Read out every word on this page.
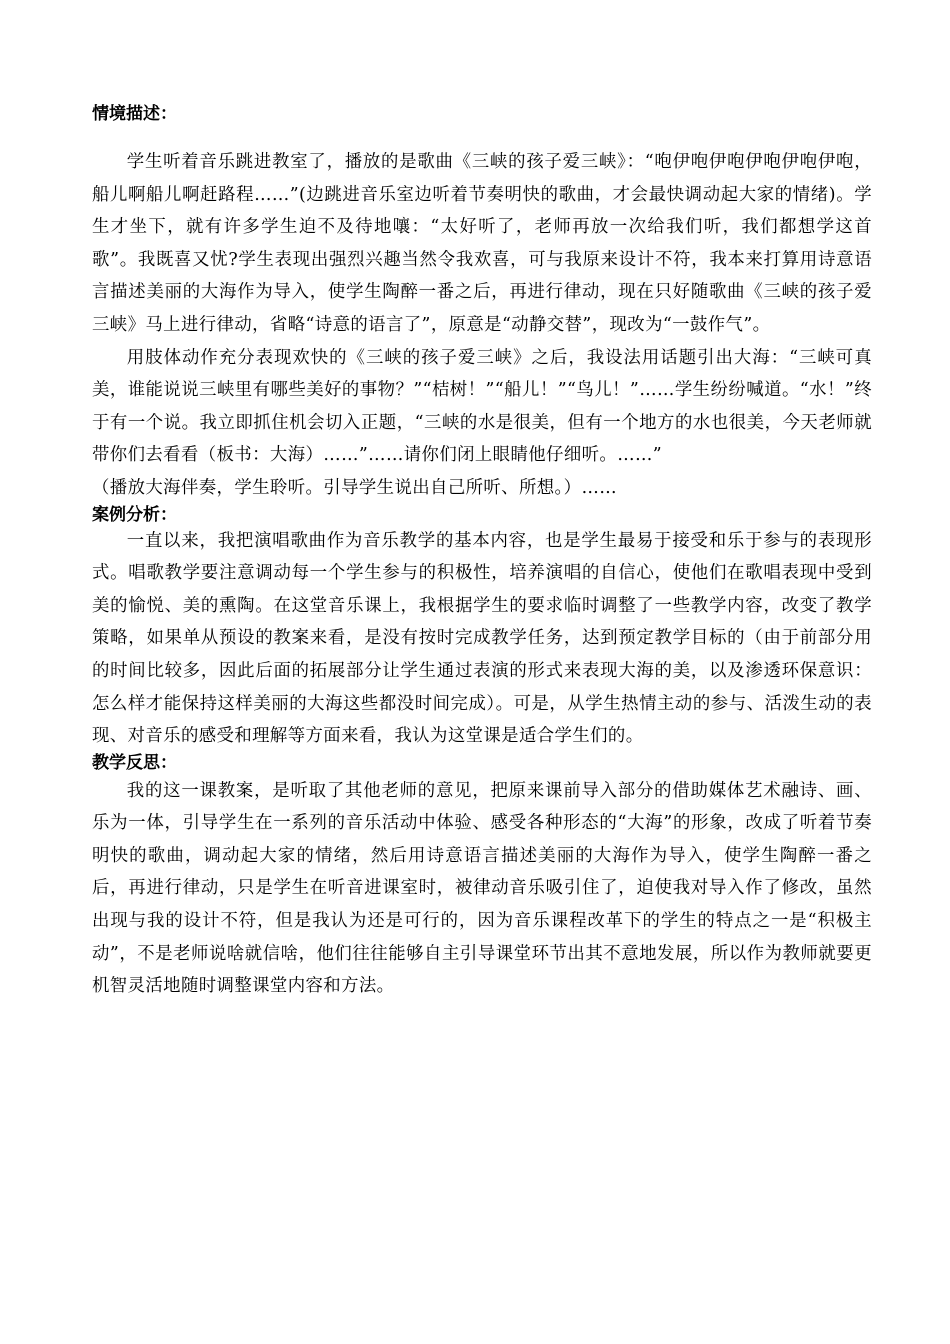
情境描述：

学生听着音乐跳进教室了，播放的是歌曲《三峡的孩子爱三峡》：“咆伊咆伊咆伊咆伊咆伊咆，船儿啊船儿啊赶路程……”(边跳进音乐室边听着节奏明快的歌曲，才会最快调动起大家的情绪)。学生才坐下，就有许多学生迫不及待地嚷：“太好听了，老师再放一次给我们听，我们都想学这首歌”。我既喜又忧?学生表现出强烈兴趣当然令我欢喜，可与我原来设计不符，我本来打算用诗意语言描述美丽的大海作为导入，使学生陶醉一番之后，再进行律动，现在只好随歌曲《三峡的孩子爱三峡》马上进行律动，省略“诗意的语言了”，原意是“动静交替”，现改为“一鼓作气”。

用肢体动作充分表现欢快的《三峡的孩子爱三峡》之后，我设法用话题引出大海：“三峡可真美，谁能说说三峡里有哪些美好的事物？”“桔树！”“船儿！”“鸟儿！”……学生纷纷喊道。“水！”终于有一个说。我立即抓住机会切入正题，“三峡的水是很美，但有一个地方的水也很美，今天老师就带你们去看看（板书：大海）……”……请你们闭上眼睛他仔细听。……”

（播放大海伴奏，学生聆听。引导学生说出自己所听、所想。）……

案例分析：

一直以来，我把演唱歌曲作为音乐教学的基本内容，也是学生最易于接受和乐于参与的表现形式。唱歌教学要注意调动每一个学生参与的积极性，培养演唱的自信心，使他们在歌唱表现中受到美的愉悦、美的熏陶。在这堂音乐课上，我根据学生的要求临时调整了一些教学内容，改变了教学策略，如果单从预设的教案来看，是没有按时完成教学任务，达到预定教学目标的（由于前部分用的时间比较多，因此后面的拓展部分让学生通过表演的形式来表现大海的美，以及渗透环保意识：怎么样才能保持这样美丽的大海这些都没时间完成）。可是，从学生热情主动的参与、活泼生动的表现、对音乐的感受和理解等方面来看，我认为这堂课是适合学生们的。

教学反思：

我的这一课教案，是听取了其他老师的意见，把原来课前导入部分的借助媒体艺术融诗、画、乐为一体，引导学生在一系列的音乐活动中体验、感受各种形态的“大海”的形象，改成了听着节奏明快的歌曲，调动起大家的情绪，然后用诗意语言描述美丽的大海作为导入，使学生陶醉一番之后，再进行律动，只是学生在听音进课室时，被律动音乐吸引住了，迫使我对导入作了修改，虽然出现与我的设计不符，但是我认为还是可行的，因为音乐课程改革下的学生的特点之一是“积极主动”，不是老师说啥就信啥，他们往往能够自主引导课堂环节出其不意地发展，所以作为教师就要更机智灵活地随时调整课堂内容和方法。
